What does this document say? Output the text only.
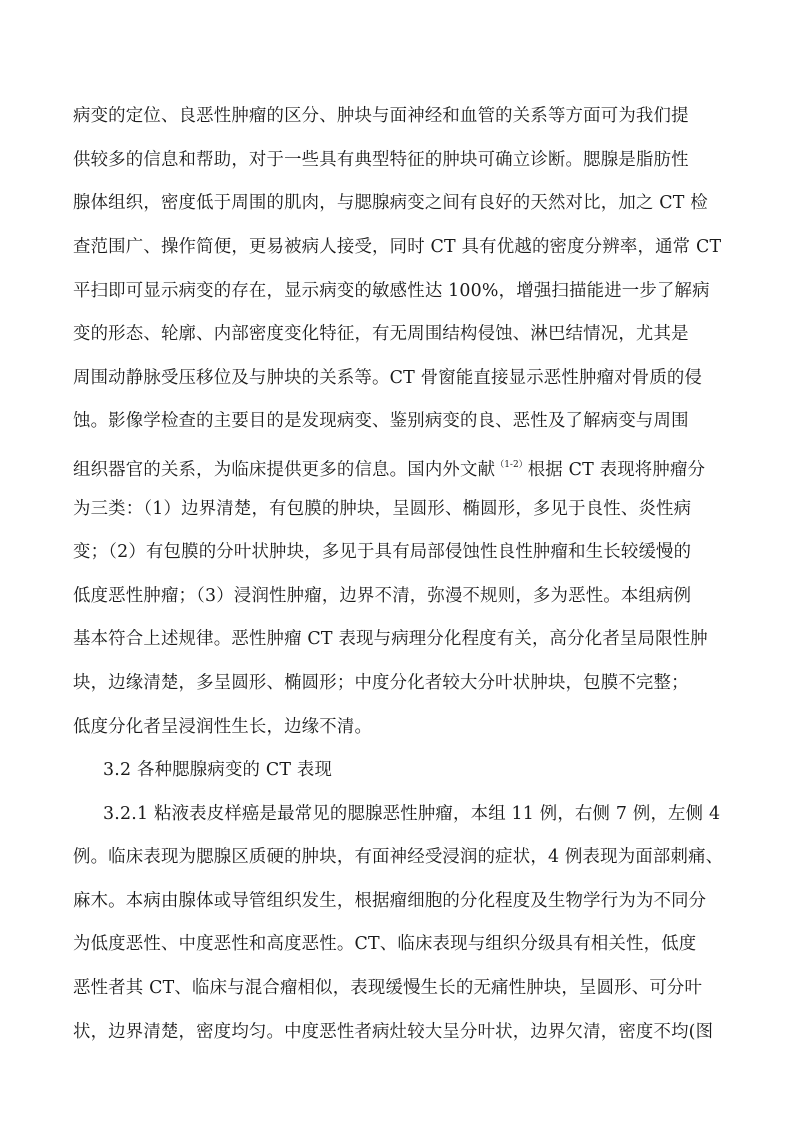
病变的定位、良恶性肿瘤的区分、肿块与面神经和血管的关系等方面可为我们提
供较多的信息和帮助，对于一些具有典型特征的肿块可确立诊断。腮腺是脂肪性
腺体组织，密度低于周围的肌肉，与腮腺病变之间有良好的天然对比，加之 CT 检
查范围广、操作简便，更易被病人接受，同时 CT 具有优越的密度分辨率，通常 CT
平扫即可显示病变的存在，显示病变的敏感性达 100%，增强扫描能进一步了解病
变的形态、轮廓、内部密度变化特征，有无周围结构侵蚀、淋巴结情况，尤其是
周围动静脉受压移位及与肿块的关系等。CT 骨窗能直接显示恶性肿瘤对骨质的侵
蚀。影像学检查的主要目的是发现病变、鉴别病变的良、恶性及了解病变与周围
组织器官的关系，为临床提供更多的信息。国内外文献$^{(1-2)}$根据 CT 表现将肿瘤分
为三类：（1）边界清楚，有包膜的肿块，呈圆形、椭圆形，多见于良性、炎性病
变；（2）有包膜的分叶状肿块，多见于具有局部侵蚀性良性肿瘤和生长较缓慢的
低度恶性肿瘤；（3）浸润性肿瘤，边界不清，弥漫不规则，多为恶性。本组病例
基本符合上述规律。恶性肿瘤 CT 表现与病理分化程度有关，高分化者呈局限性肿
块，边缘清楚，多呈圆形、椭圆形；中度分化者较大分叶状肿块，包膜不完整；
低度分化者呈浸润性生长，边缘不清。
3.2 各种腮腺病变的 CT 表现
3.2.1 粘液表皮样癌是最常见的腮腺恶性肿瘤，本组 11 例，右侧 7 例，左侧 4
例。临床表现为腮腺区质硬的肿块，有面神经受浸润的症状，4 例表现为面部刺痛、
麻木。本病由腺体或导管组织发生，根据瘤细胞的分化程度及生物学行为为不同分
为低度恶性、中度恶性和高度恶性。CT、临床表现与组织分级具有相关性，低度
恶性者其 CT、临床与混合瘤相似，表现缓慢生长的无痛性肿块，呈圆形、可分叶
状，边界清楚，密度均匀。中度恶性者病灶较大呈分叶状，边界欠清，密度不均(图
